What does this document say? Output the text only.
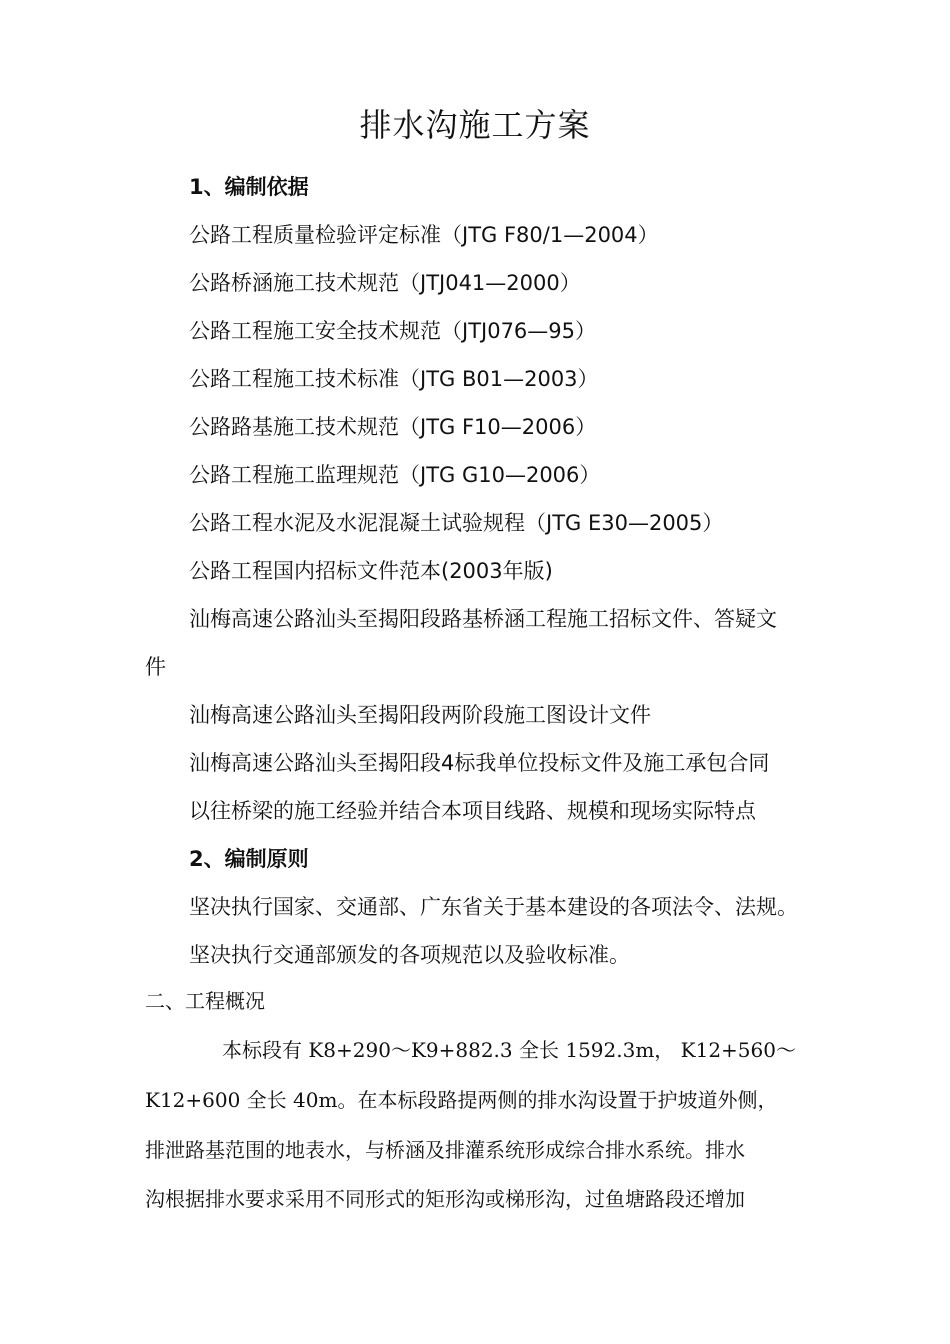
排水沟施工方案
1、编制依据
公路工程质量检验评定标准（JTG F80/1—2004）
公路桥涵施工技术规范（JTJ041—2000）
公路工程施工安全技术规范（JTJ076—95）
公路工程施工技术标准（JTG B01—2003）
公路路基施工技术规范（JTG F10—2006）
公路工程施工监理规范（JTG G10—2006）
公路工程水泥及水泥混凝土试验规程（JTG E30—2005）
公路工程国内招标文件范本(2003年版)
汕梅高速公路汕头至揭阳段路基桥涵工程施工招标文件、答疑文
件
汕梅高速公路汕头至揭阳段两阶段施工图设计文件
汕梅高速公路汕头至揭阳段4标我单位投标文件及施工承包合同
以往桥梁的施工经验并结合本项目线路、规模和现场实际特点
2、编制原则
坚决执行国家、交通部、广东省关于基本建设的各项法令、法规。
坚决执行交通部颁发的各项规范以及验收标准。
二、工程概况
本标段有 K8+290～K9+882.3 全长 1592.3m， K12+560～
K12+600 全长 40m。在本标段路提两侧的排水沟设置于护坡道外侧，
排泄路基范围的地表水，与桥涵及排灌系统形成综合排水系统。排水
沟根据排水要求采用不同形式的矩形沟或梯形沟，过鱼塘路段还增加
